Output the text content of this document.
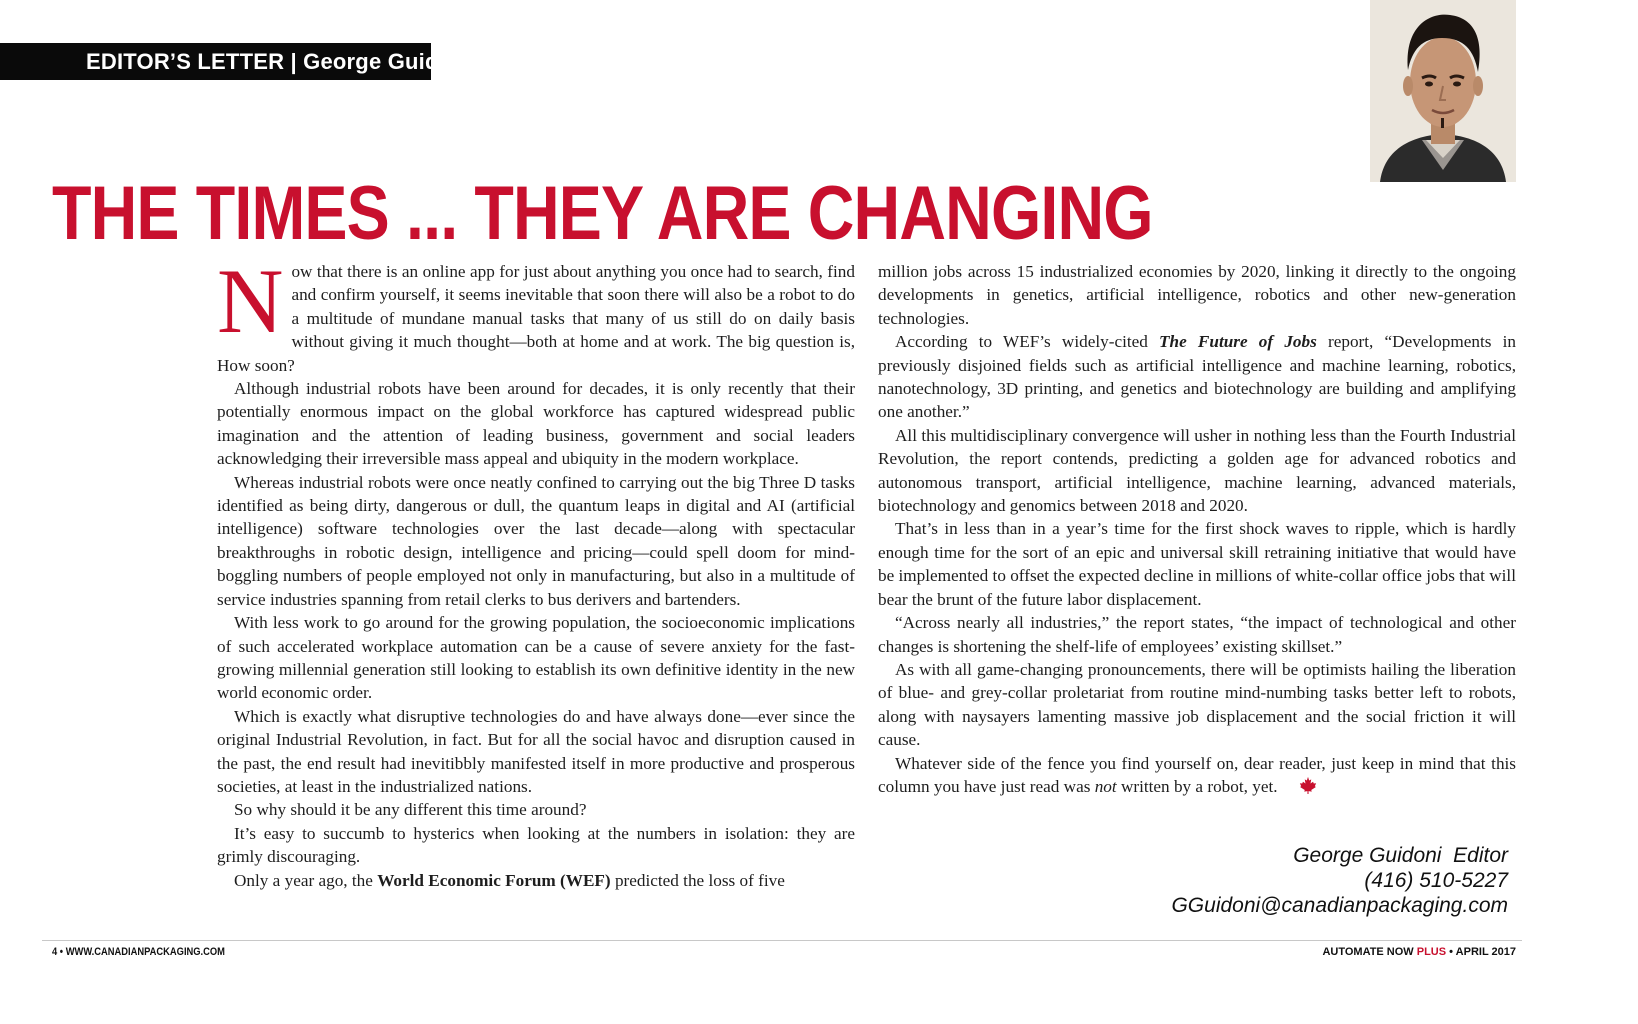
EDITOR’S LETTER | George Guidoni
THE TIMES ... THEY ARE CHANGING

Now that there is an online app for just about anything you once had to search, find and confirm yourself, it seems inevitable that soon there will also be a robot to do a multitude of mundane manual tasks that many of us still do on daily basis without giving it much thought—both at home and at work. The big question is, How soon?

Although industrial robots have been around for decades, it is only recently that their potentially enormous impact on the global workforce has captured widespread public imagination and the attention of leading business, government and social leaders acknowledging their irreversible mass appeal and ubiquity in the modern workplace.

Whereas industrial robots were once neatly confined to carrying out the big Three D tasks identified as being dirty, dangerous or dull, the quantum leaps in digital and AI (artificial intelligence) software technologies over the last decade—along with spectacular breakthroughs in robotic design, intelligence and pricing—could spell doom for mind-boggling numbers of people employed not only in manufacturing, but also in a multitude of service industries spanning from retail clerks to bus derivers and bartenders.

With less work to go around for the growing population, the socioeconomic implications of such accelerated workplace automation can be a cause of severe anxiety for the fast-growing millennial generation still looking to establish its own definitive identity in the new world economic order.

Which is exactly what disruptive technologies do and have always done—ever since the original Industrial Revolution, in fact. But for all the social havoc and disruption caused in the past, the end result had inevitibbly manifested itself in more productive and prosperous societies, at least in the industrialized nations.

So why should it be any different this time around?

It’s easy to succumb to hysterics when looking at the numbers in isolation: they are grimly discouraging.

Only a year ago, the World Economic Forum (WEF) predicted the loss of five

million jobs across 15 industrialized economies by 2020, linking it directly to the ongoing developments in genetics, artificial intelligence, robotics and other new-generation technologies.

According to WEF’s widely-cited The Future of Jobs report, “Developments in previously disjoined fields such as artificial intelligence and machine learning, robotics, nanotechnology, 3D printing, and genetics and biotechnology are building and amplifying one another.”

All this multidisciplinary convergence will usher in nothing less than the Fourth Industrial Revolution, the report contends, predicting a golden age for advanced robotics and autonomous transport, artificial intelligence, machine learning, advanced materials, biotechnology and genomics between 2018 and 2020.

That’s in less than in a year’s time for the first shock waves to ripple, which is hardly enough time for the sort of an epic and universal skill retraining initiative that would have be implemented to offset the expected decline in millions of white-collar office jobs that will bear the brunt of the future labor displacement.

“Across nearly all industries,” the report states, “the impact of technological and other changes is shortening the shelf-life of employees’ existing skillset.”

As with all game-changing pronouncements, there will be optimists hailing the liberation of blue- and grey-collar proletariat from routine mind-numbing tasks better left to robots, along with naysayers lamenting massive job displacement and the social friction it will cause.

Whatever side of the fence you find yourself on, dear reader, just keep in mind that this column you have just read was not written by a robot, yet.

George Guidoni  Editor
(416) 510-5227
GGuidoni@canadianpackaging.com
4 • WWW.CANADIANPACKAGING.COM	AUTOMATE NOW PLUS • APRIL 2017
